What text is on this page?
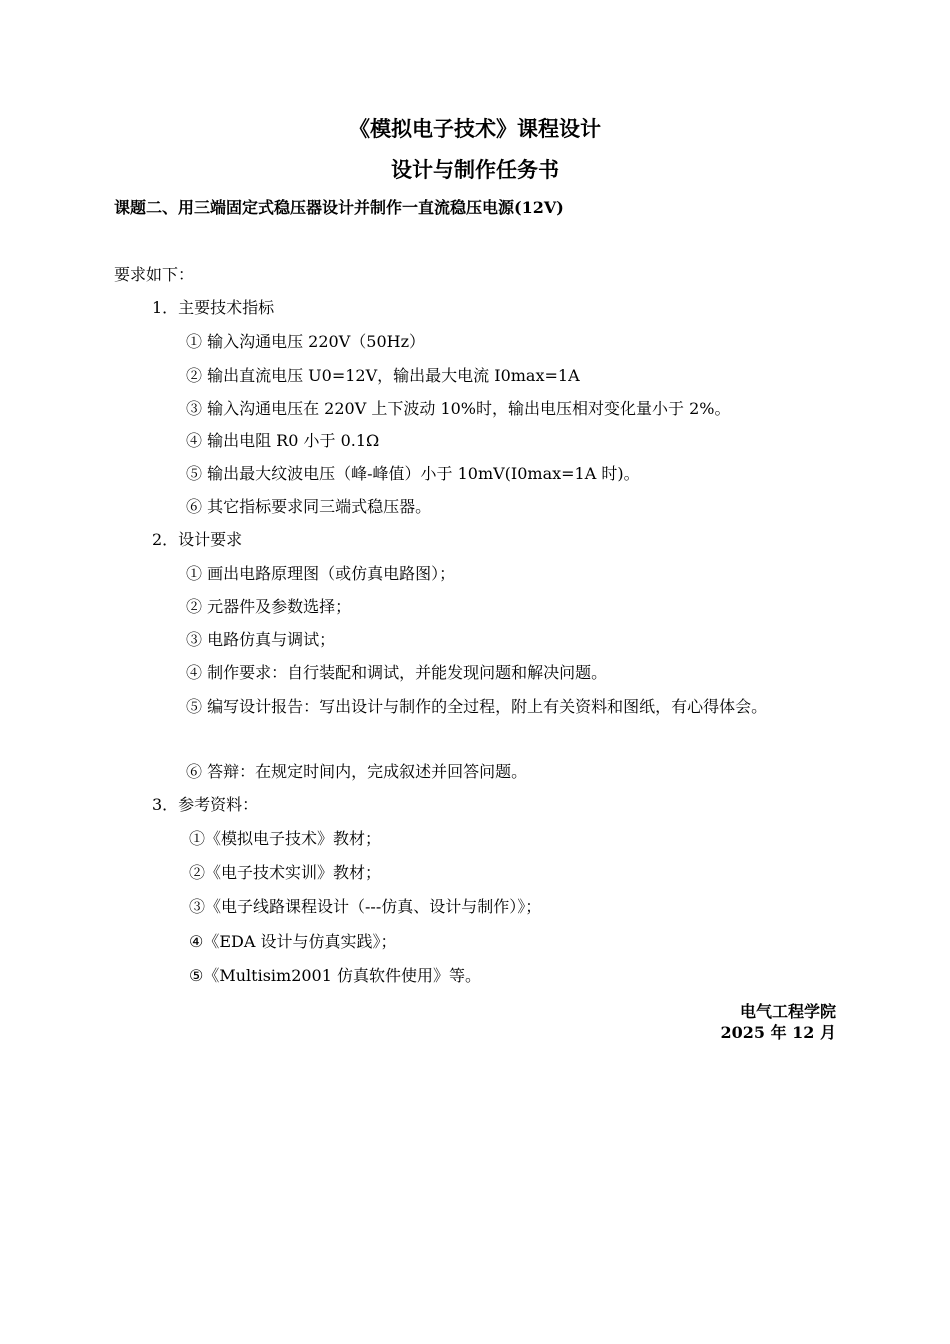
《模拟电子技术》课程设计
设计与制作任务书
课题二、用三端固定式稳压器设计并制作一直流稳压电源(12V)
要求如下：
1．主要技术指标
① 输入沟通电压 220V（50Hz）
② 输出直流电压 U0=12V，输出最大电流 I0max=1A
③ 输入沟通电压在 220V 上下波动 10%时，输出电压相对变化量小于 2%。
④ 输出电阻 R0 小于 0.1Ω
⑤ 输出最大纹波电压（峰-峰值）小于 10mV(I0max=1A 时)。
⑥ 其它指标要求同三端式稳压器。
2．设计要求
① 画出电路原理图（或仿真电路图）；
② 元器件及参数选择；
③ 电路仿真与调试；
④ 制作要求：自行装配和调试，并能发现问题和解决问题。
⑤ 编写设计报告：写出设计与制作的全过程，附上有关资料和图纸，有心得体会。
⑥ 答辩：在规定时间内，完成叙述并回答问题。
3．参考资料：
①《模拟电子技术》教材；
②《电子技术实训》教材；
③《电子线路课程设计（---仿真、设计与制作）》；
④《EDA 设计与仿真实践》；
⑤《Multisim2001 仿真软件使用》等。
电气工程学院
2025 年 12 月
